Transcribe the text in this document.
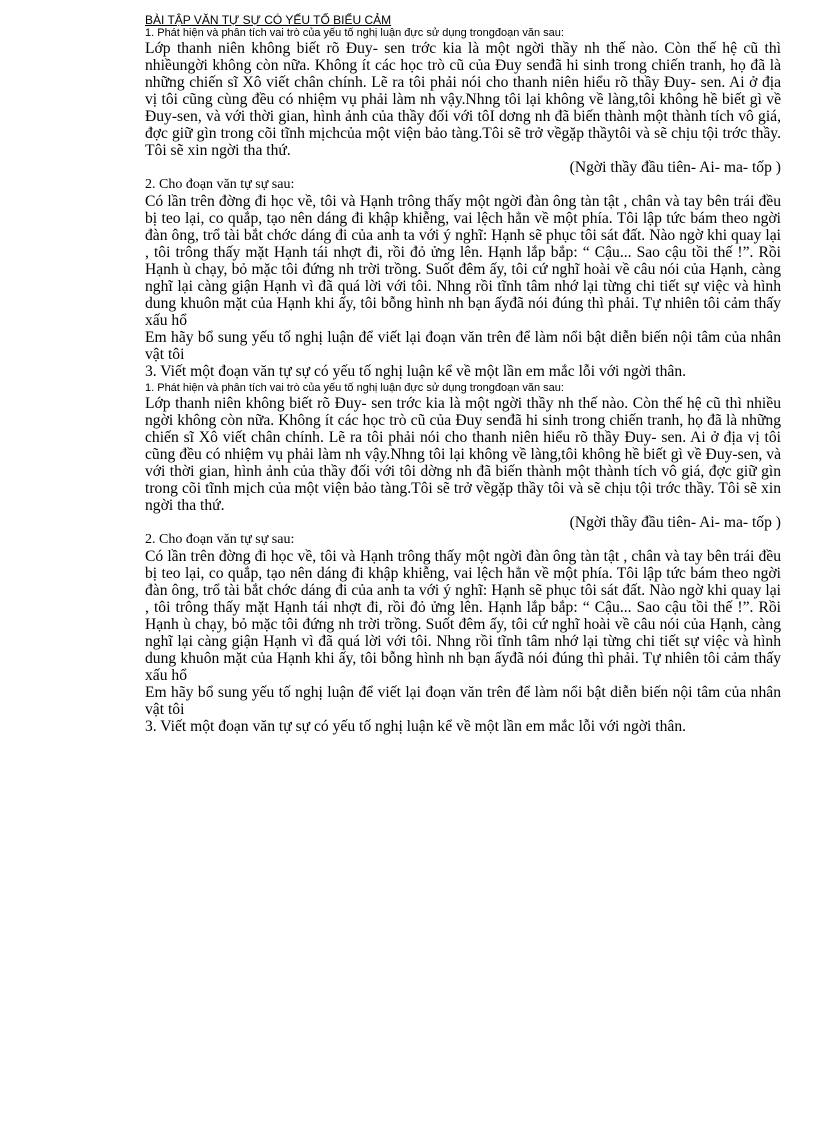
BÀI TẬP VĂN TỰ SỰ CÓ YẾU TỐ BIỂU CẢM

1. Phát hiện và phân tích vai trò của yếu tố nghị luận đực sử dụng trongđoạn văn sau:

Lớp thanh niên không biết rõ Đuy- sen trớc kia là một ngời thầy nh thế nào. Còn thế hệ cũ thì nhiềungời không còn nữa. Không ít các học trò cũ của Đuy senđã hi sinh trong chiến tranh, họ đã là những chiến sĩ Xô viết chân chính. Lẽ ra tôi phải nói cho thanh niên hiểu rõ thầy Đuy- sen. Ai ở địa vị tôi cũng cùng đều có nhiệm vụ phải làm nh vậy.Nhng tôi lại không về làng,tôi không hề biết gì về Đuy-sen, và với thời gian, hình ảnh của thầy đối với tôI dơng nh đã biến thành một thành tích vô giá, đợc giữ gìn trong cõi tĩnh mịchcủa một viện bảo tàng.Tôi sẽ trở vềgặp thầytôi và sẽ chịu tội trớc thầy. Tôi sẽ xin ngời tha thứ.

(Ngời thầy đầu tiên- Ai- ma- tốp )

2. Cho đoạn văn tự sự sau:

Có lần trên đờng đi học về, tôi và Hạnh trông thấy một ngời đàn ông tàn tật , chân và tay bên trái đều bị teo lại, co quắp, tạo nên dáng đi khập khiễng, vai lệch hẳn về một phía. Tôi lập tức bám theo ngời đàn ông, trổ tài bắt chớc dáng đi của anh ta với ý nghĩ: Hạnh sẽ phục tôi sát đất. Nào ngờ khi quay lại , tôi trông thấy mặt Hạnh tái nhợt đi, rồi đỏ ửng lên. Hạnh lắp bắp: “ Cậu... Sao cậu tồi thế !”. Rồi Hạnh ù chạy, bỏ mặc tôi đứng nh trời trồng. Suốt đêm ấy, tôi cứ nghĩ hoài về câu nói của Hạnh, càng nghĩ lại càng giận Hạnh vì đã quá lời với tôi. Nhng rồi tĩnh tâm nhớ lại từng chi tiết sự việc và hình dung khuôn mặt của Hạnh khi ấy, tôi bỗng hình nh bạn ấyđã nói đúng thì phải. Tự nhiên tôi cảm thấy xấu hổ

Em hãy bổ sung yếu tố nghị luận để viết lại đoạn văn trên để làm nổi bật diễn biến nội tâm của nhân vật tôi

3. Viết một đoạn văn tự sự có yếu tố nghị luận kể về một lần em mắc lỗi với ngời thân.

1. Phát hiện và phân tích vai trò của yếu tố nghị luận đực sử dụng trongđoạn văn sau:

Lớp thanh niên không biết rõ Đuy- sen trớc kia là một ngời thầy nh thế nào. Còn thế hệ cũ thì nhiều ngời không còn nữa. Không ít các học trò cũ của Đuy senđã hi sinh trong chiến tranh, họ đã là những chiến sĩ Xô viết chân chính. Lẽ ra tôi phải nói cho thanh niên hiểu rõ thầy Đuy- sen. Ai ở địa vị tôi cũng đều có nhiệm vụ phải làm nh vậy.Nhng tôi lại không về làng,tôi không hề biết gì về Đuy-sen, và với thời gian, hình ảnh của thầy đối với tôi dờng nh đã biến thành một thành tích vô giá, đợc giữ gìn trong cõi tĩnh mịch của một viện bảo tàng.Tôi sẽ trở vềgặp thầy tôi và sẽ chịu tội trớc thầy. Tôi sẽ xin ngời tha thứ.

(Ngời thầy đầu tiên- Ai- ma- tốp )

2. Cho đoạn văn tự sự sau:

Có lần trên đờng đi học về, tôi và Hạnh trông thấy một ngời đàn ông tàn tật , chân và tay bên trái đều bị teo lại, co quắp, tạo nên dáng đi khập khiễng, vai lệch hẳn về một phía. Tôi lập tức bám theo ngời đàn ông, trổ tài bắt chớc dáng đi của anh ta với ý nghĩ: Hạnh sẽ phục tôi sát đất. Nào ngờ khi quay lại , tôi trông thấy mặt Hạnh tái nhợt đi, rồi đỏ ửng lên. Hạnh lắp bắp: “ Cậu... Sao cậu tồi thế !”. Rồi Hạnh ù chạy, bỏ mặc tôi đứng nh trời trồng. Suốt đêm ấy, tôi cứ nghĩ hoài về câu nói của Hạnh, càng nghĩ lại càng giận Hạnh vì đã quá lời với tôi. Nhng rồi tĩnh tâm nhớ lại từng chi tiết sự việc và hình dung khuôn mặt của Hạnh khi ấy, tôi bỗng hình nh bạn ấyđã nói đúng thì phải. Tự nhiên tôi cảm thấy xấu hổ

Em hãy bổ sung yếu tố nghị luận để viết lại đoạn văn trên để làm nổi bật diễn biến nội tâm của nhân vật tôi

3. Viết một đoạn văn tự sự có yếu tố nghị luận kể về một lần em mắc lỗi với ngời thân.
